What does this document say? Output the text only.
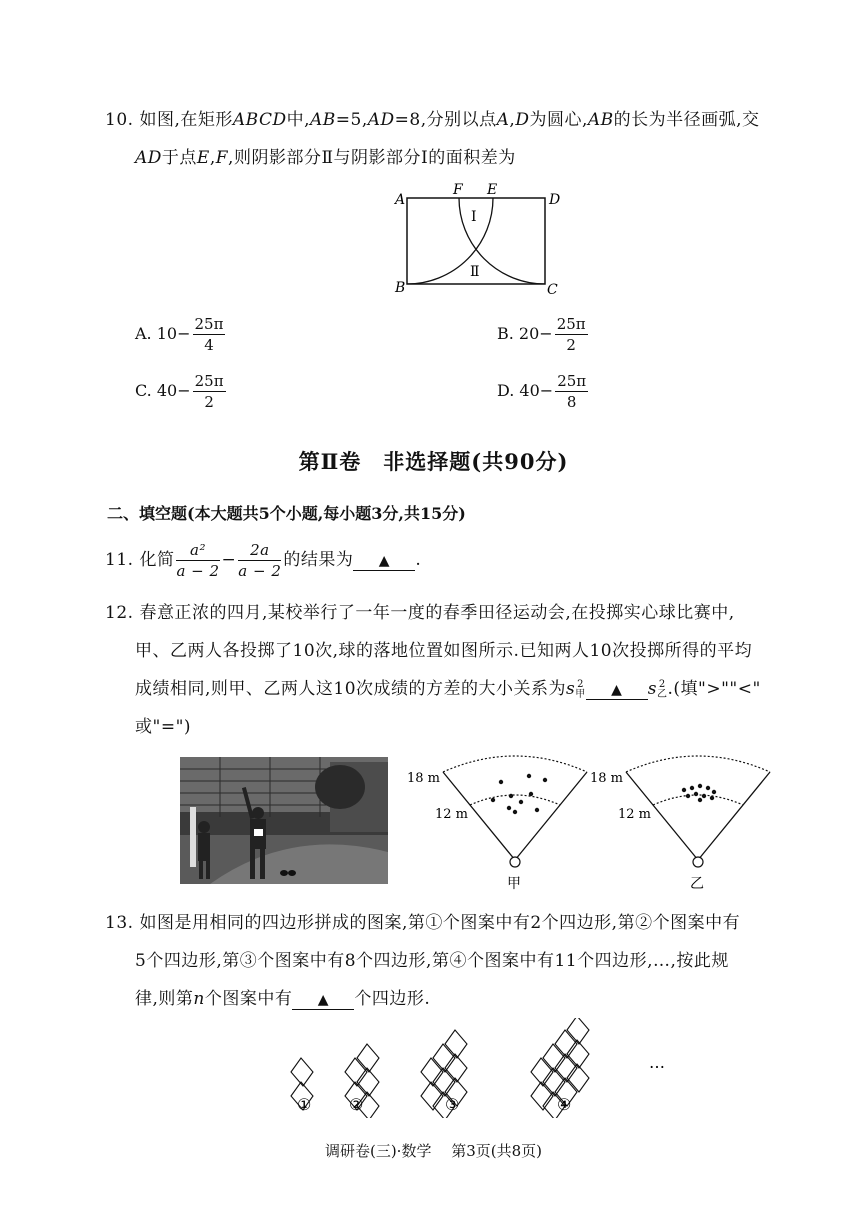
10. 如图,在矩形ABCD中,AB=5,AD=8,分别以点A,D为圆心,AB的长为半径画弧,交
AD于点E,F,则阴影部分Ⅱ与阴影部分Ⅰ的面积差为
A
F E
D
B	C
Ⅰ
Ⅱ
A. $10- \frac{25\pi}{4}$	B. $20- \frac{25\pi}{2}$
C. $40- \frac{25\pi}{2}$	D. $40- \frac{25\pi}{8}$
第Ⅱ卷　非选择题(共90分)
二、填空题(本大题共5个小题,每小题3分,共15分)
11. 化简 $\frac{\text{a²}}{a - 2} - \frac{2a}{a - 2}$ 的结果为 ▲ .
12. 春意正浓的四月,某校举行了一年一度的春季田径运动会,在投掷实心球比赛中,
甲、乙两人各投掷了10次,球的落地位置如图所示.已知两人10次投掷所得的平均
成绩相同,则甲、乙两人这10次成绩的方差的大小关系为s 2
甲 ▲ s 2
乙 .(填">""<"
或"=")
18 m
12 m
甲
18 m
12 m
乙
13. 如图是用相同的四边形拼成的图案,第①个图案中有2个四边形,第②个图案中有
5个四边形,第③个图案中有8个四边形,第④个图案中有11个四边形,…,按此规
律,则第n个图案中有 ▲ 个四边形.
① ②	③	④
…
调研卷(三)·数学　 第3页(共8页)
